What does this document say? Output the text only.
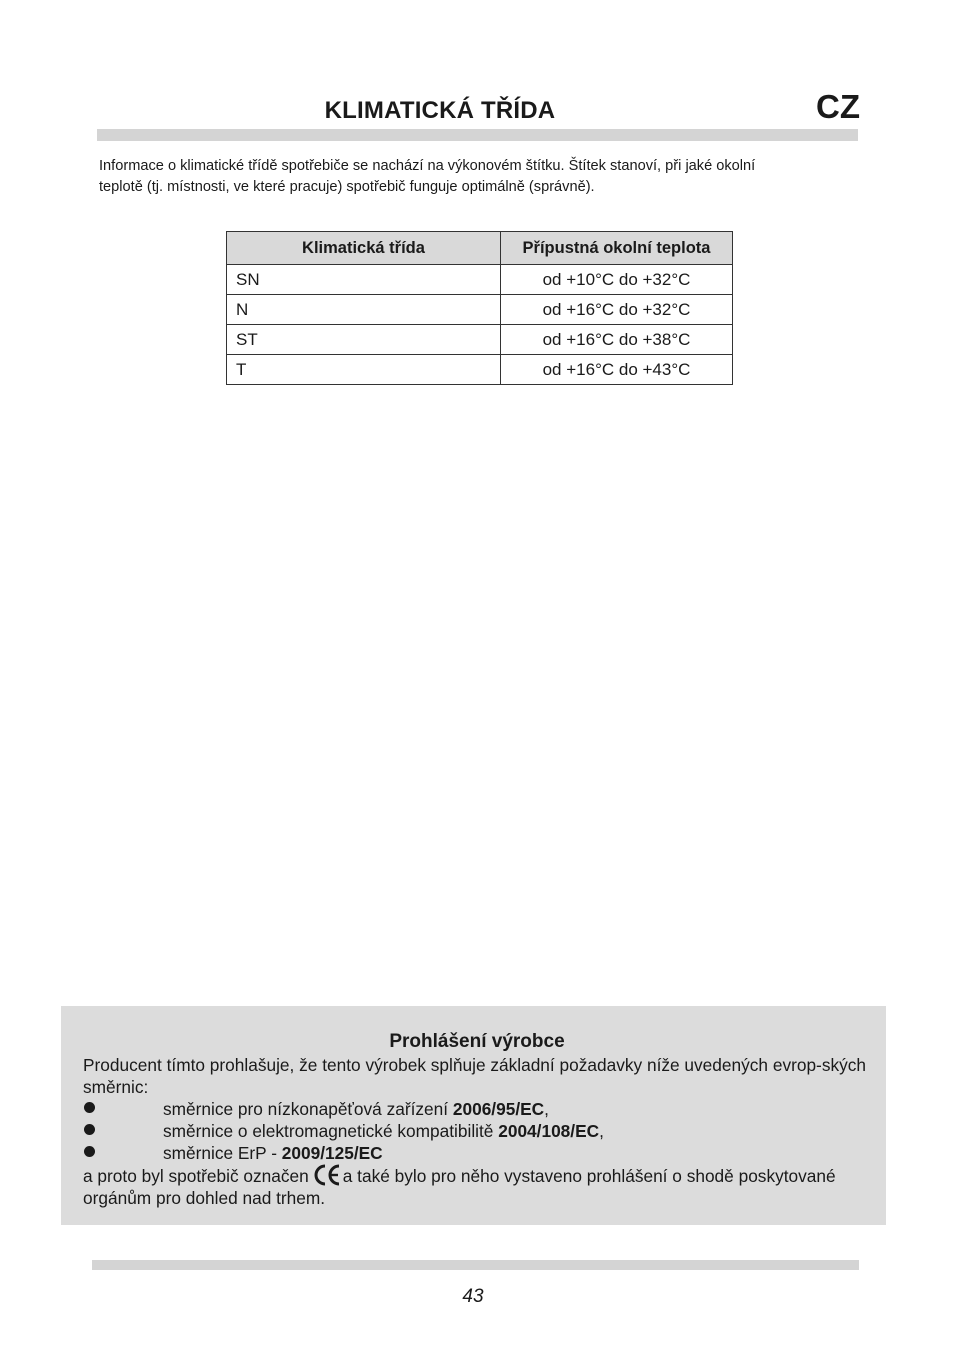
KLIMATICKÁ TŘÍDA	CZ

Informace o klimatické třídě spotřebiče se nachází na výkonovém štítku. Štítek stanoví, při jaké okolní

teplotě (tj. místnosti, ve které pracuje) spotřebič funguje optimálně (správně).

Klimatická třída	Přípustná okolní teplota
SN	od +10°C do +32°C
N	od +16°C do +32°C
ST	od +16°C do +38°C
T	od +16°C do +43°C
Prohlášení výrobce

Producent tímto prohlašuje, že tento výrobek splňuje základní požadavky níže uvedených evrop-ských směrnic:

směrnice pro nízkonapěťová zařízení 2006/95/EC,
směrnice o elektromagnetické kompatibilitě 2004/108/EC,
směrnice ErP - 2009/125/EC

a proto byl spotřebič označen a také bylo pro něho vystaveno prohlášení o shodě poskytované orgánům pro dohled nad trhem.

43
